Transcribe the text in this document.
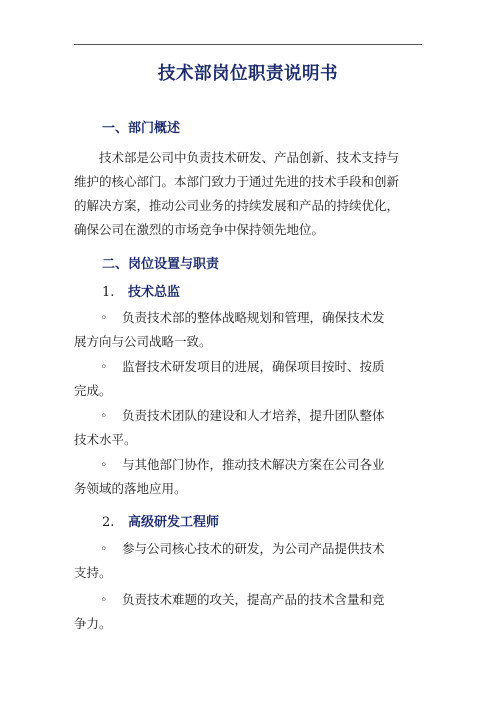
技术部岗位职责说明书
一、部门概述

技术部是公司中负责技术研发、产品创新、技术支持与
维护的核心部门。本部门致力于通过先进的技术手段和创新
的解决方案，推动公司业务的持续发展和产品的持续优化，
确保公司在激烈的市场竞争中保持领先地位。

二、岗位设置与职责
1. 技术总监

◦ 负责技术部的整体战略规划和管理，确保技术发
展方向与公司战略一致。

◦ 监督技术研发项目的进展，确保项目按时、按质
完成。

◦ 负责技术团队的建设和人才培养，提升团队整体
技术水平。

◦ 与其他部门协作，推动技术解决方案在公司各业
务领域的落地应用。

2. 高级研发工程师

◦ 参与公司核心技术的研发，为公司产品提供技术
支持。

◦ 负责技术难题的攻关，提高产品的技术含量和竞
争力。
